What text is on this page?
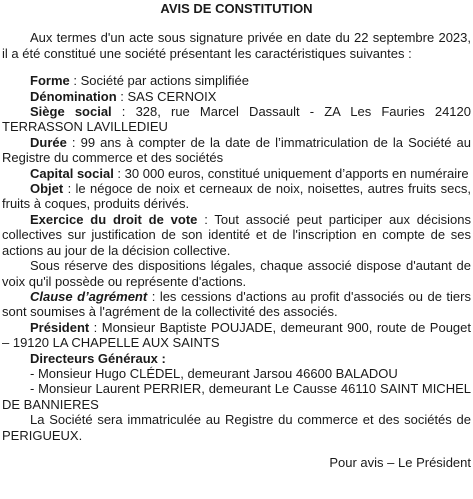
AVIS DE CONSTITUTION

Aux termes d'un acte sous signature privée en date du 22 septembre 2023, il a été constitué une société présentant les caractéristiques suivantes :

Forme : Société par actions simplifiée

Dénomination : SAS CERNOIX

Siège social : 328, rue Marcel Dassault - ZA Les Fauries 24120 TERRASSON LAVILLEDIEU

Durée : 99 ans à compter de la date de l’immatriculation de la Société au Registre du commerce et des sociétés

Capital social : 30 000 euros, constitué uniquement d’apports en numéraire

Objet : le négoce de noix et cerneaux de noix, noisettes, autres fruits secs, fruits à coques, produits dérivés.

Exercice du droit de vote : Tout associé peut participer aux décisions collectives sur justification de son identité et de l'inscription en compte de ses actions au jour de la décision collective.

Sous réserve des dispositions légales, chaque associé dispose d'autant de voix qu'il possède ou représente d'actions.

Clause d’agrément : les cessions d'actions au profit d'associés ou de tiers sont soumises à l'agrément de la collectivité des associés.

Président : Monsieur Baptiste POUJADE, demeurant 900, route de Pouget – 19120 LA CHAPELLE AUX SAINTS

Directeurs Généraux :

- Monsieur Hugo CLÉDEL, demeurant Jarsou 46600 BALADOU

- Monsieur Laurent PERRIER, demeurant Le Causse 46110 SAINT MICHEL DE BANNIERES

La Société sera immatriculée au Registre du commerce et des sociétés de PERIGUEUX.

Pour avis – Le Président
